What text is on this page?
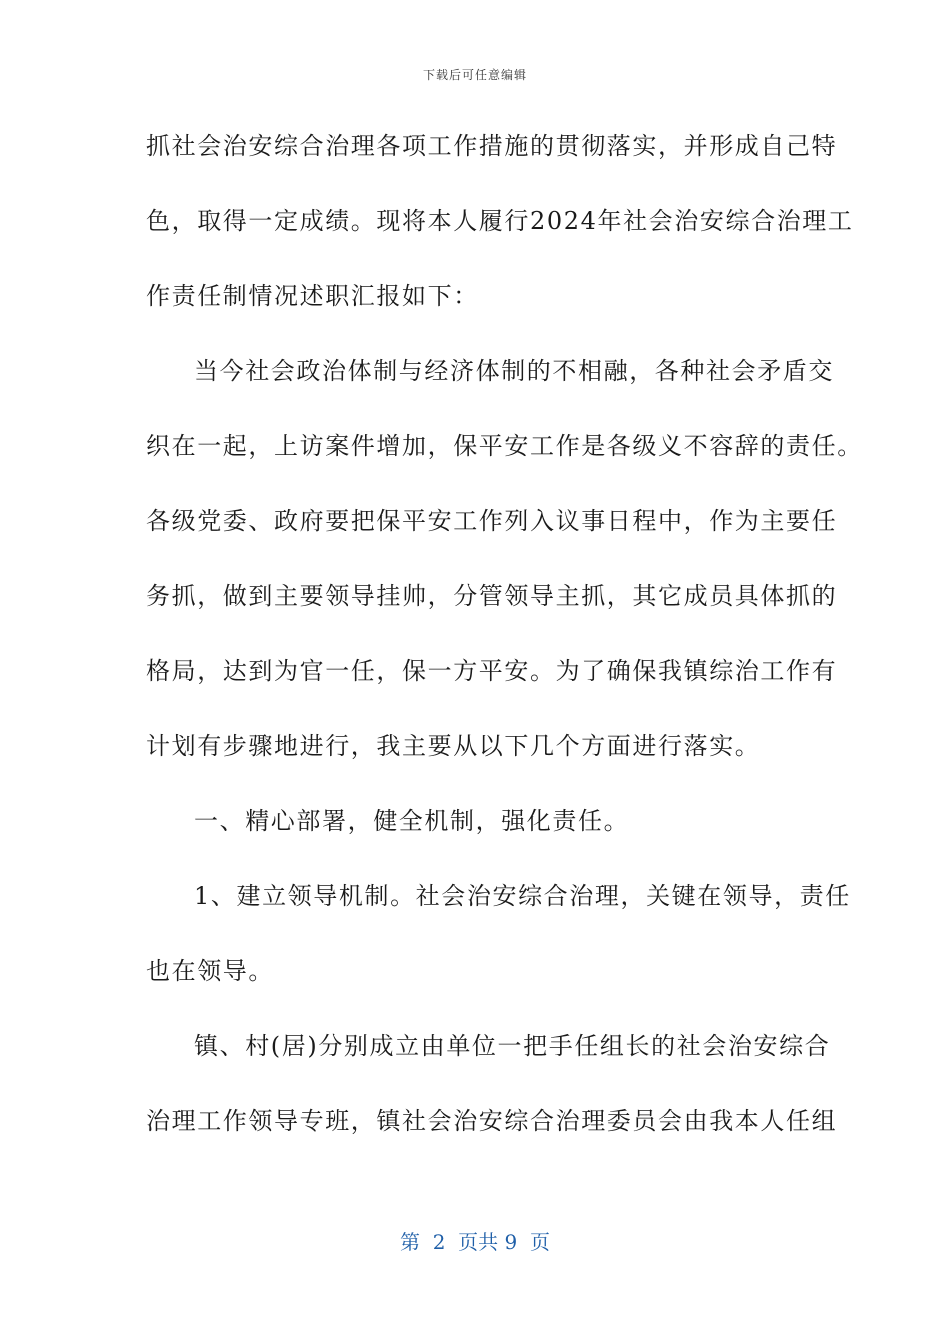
下载后可任意编辑
抓社会治安综合治理各项工作措施的贯彻落实，并形成自己特
色，取得一定成绩。现将本人履行2024年社会治安综合治理工
作责任制情况述职汇报如下：
当今社会政治体制与经济体制的不相融，各种社会矛盾交
织在一起，上访案件增加，保平安工作是各级义不容辞的责任。
各级党委、政府要把保平安工作列入议事日程中，作为主要任
务抓，做到主要领导挂帅，分管领导主抓，其它成员具体抓的
格局，达到为官一任，保一方平安。为了确保我镇综治工作有
计划有步骤地进行，我主要从以下几个方面进行落实。
一、精心部署，健全机制，强化责任。
1、建立领导机制。社会治安综合治理，关键在领导，责任
也在领导。
镇、村(居)分别成立由单位一把手任组长的社会治安综合
治理工作领导专班，镇社会治安综合治理委员会由我本人任组
第  2  页共 9  页
